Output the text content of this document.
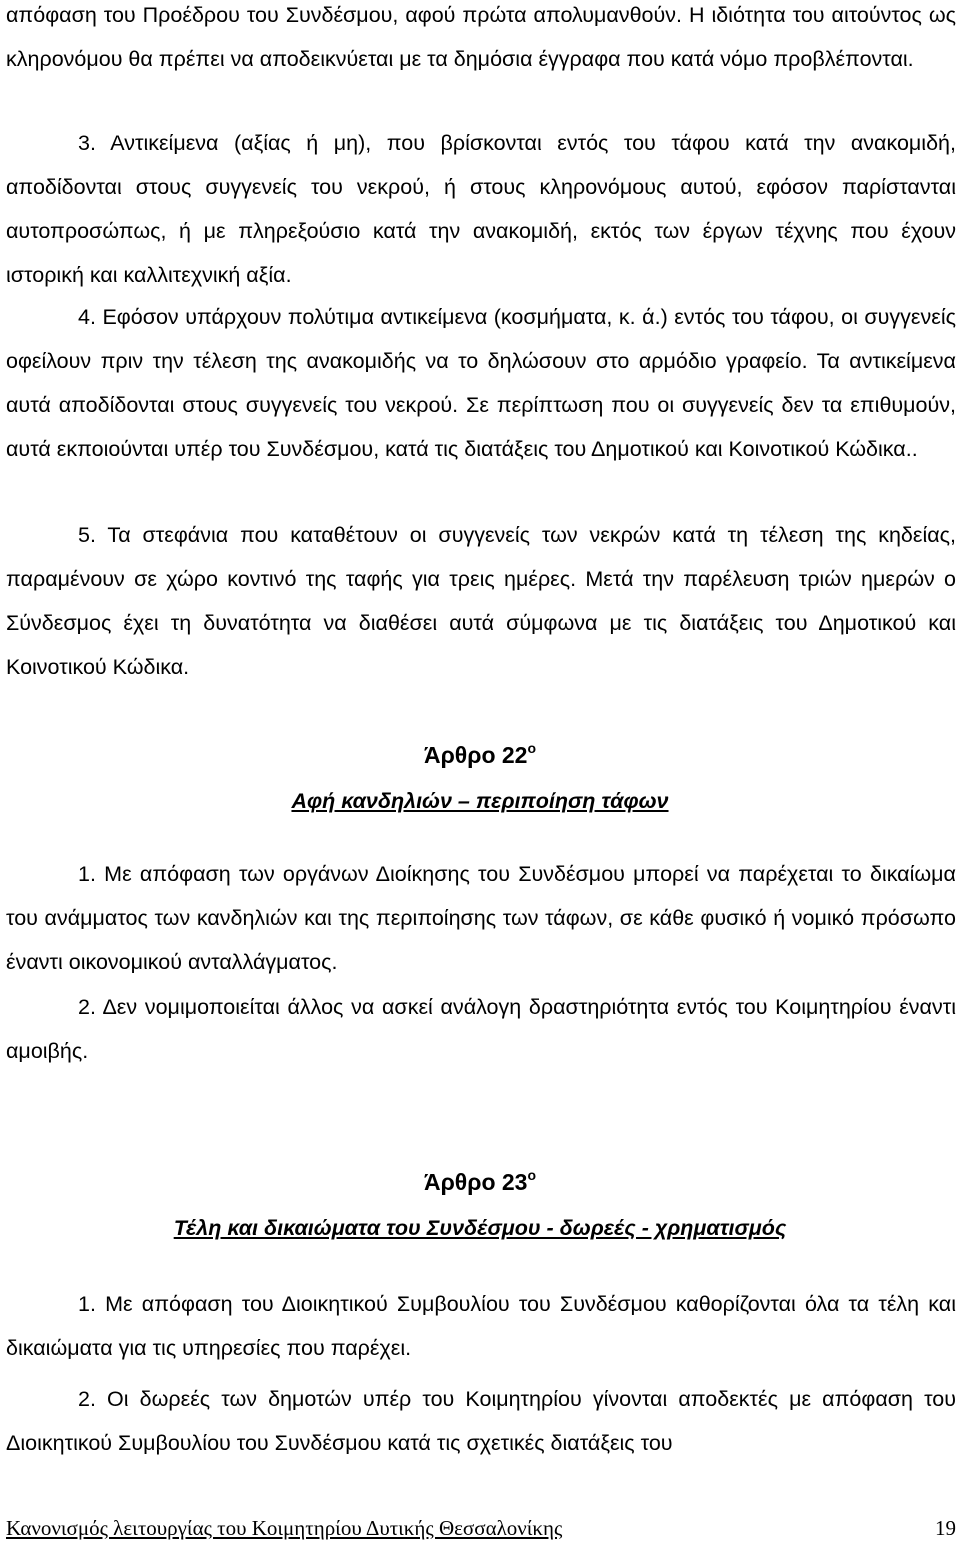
απόφαση του Προέδρου του Συνδέσμου, αφού πρώτα απολυμανθούν. Η ιδιότητα του αιτούντος ως κληρονόμου θα πρέπει να αποδεικνύεται με τα δημόσια έγγραφα που κατά νόμο προβλέπονται.

3. Αντικείμενα (αξίας ή μη), που βρίσκονται εντός του τάφου κατά την ανακομιδή, αποδίδονται στους συγγενείς του νεκρού, ή στους κληρονόμους αυτού, εφόσον παρίστανται αυτοπροσώπως, ή με πληρεξούσιο κατά την ανακομιδή, εκτός των έργων τέχνης που έχουν ιστορική και καλλιτεχνική αξία.

4. Εφόσον υπάρχουν πολύτιμα αντικείμενα (κοσμήματα, κ. ά.) εντός του τάφου, οι συγγενείς οφείλουν πριν την τέλεση της ανακομιδής να το δηλώσουν στο αρμόδιο γραφείο. Τα αντικείμενα αυτά αποδίδονται στους συγγενείς του νεκρού. Σε περίπτωση που οι συγγενείς δεν τα επιθυμούν, αυτά εκποιούνται υπέρ του Συνδέσμου, κατά τις διατάξεις του Δημοτικού και Κοινοτικού Κώδικα..

5. Τα στεφάνια που καταθέτουν οι συγγενείς των νεκρών κατά τη τέλεση της κηδείας, παραμένουν σε χώρο κοντινό της ταφής για τρεις ημέρες. Μετά την παρέλευση τριών ημερών ο Σύνδεσμος έχει τη δυνατότητα να διαθέσει αυτά σύμφωνα με τις διατάξεις του Δημοτικού και Κοινοτικού Κώδικα.

Άρθρο $22^o$
Αφή κανδηλιών – περιποίηση τάφων

1. Με απόφαση των οργάνων Διοίκησης του Συνδέσμου μπορεί να παρέχεται το δικαίωμα του ανάμματος των κανδηλιών και της περιποίησης των τάφων, σε κάθε φυσικό ή νομικό πρόσωπο έναντι οικονομικού ανταλλάγματος.

2. Δεν νομιμοποιείται άλλος να ασκεί ανάλογη δραστηριότητα εντός του Κοιμητηρίου έναντι αμοιβής.

Άρθρο $23^o$
Τέλη και δικαιώματα του Συνδέσμου - δωρεές - χρηματισμός

1. Με απόφαση του Διοικητικού Συμβουλίου του Συνδέσμου καθορίζονται όλα τα τέλη και δικαιώματα για τις υπηρεσίες που παρέχει.

2. Οι δωρεές των δημοτών υπέρ του Κοιμητηρίου γίνονται αποδεκτές με απόφαση του Διοικητικού Συμβουλίου του Συνδέσμου κατά τις σχετικές διατάξεις του

Κανονισμός λειτουργίας του Κοιμητηρίου Δυτικής Θεσσαλονίκης	19
